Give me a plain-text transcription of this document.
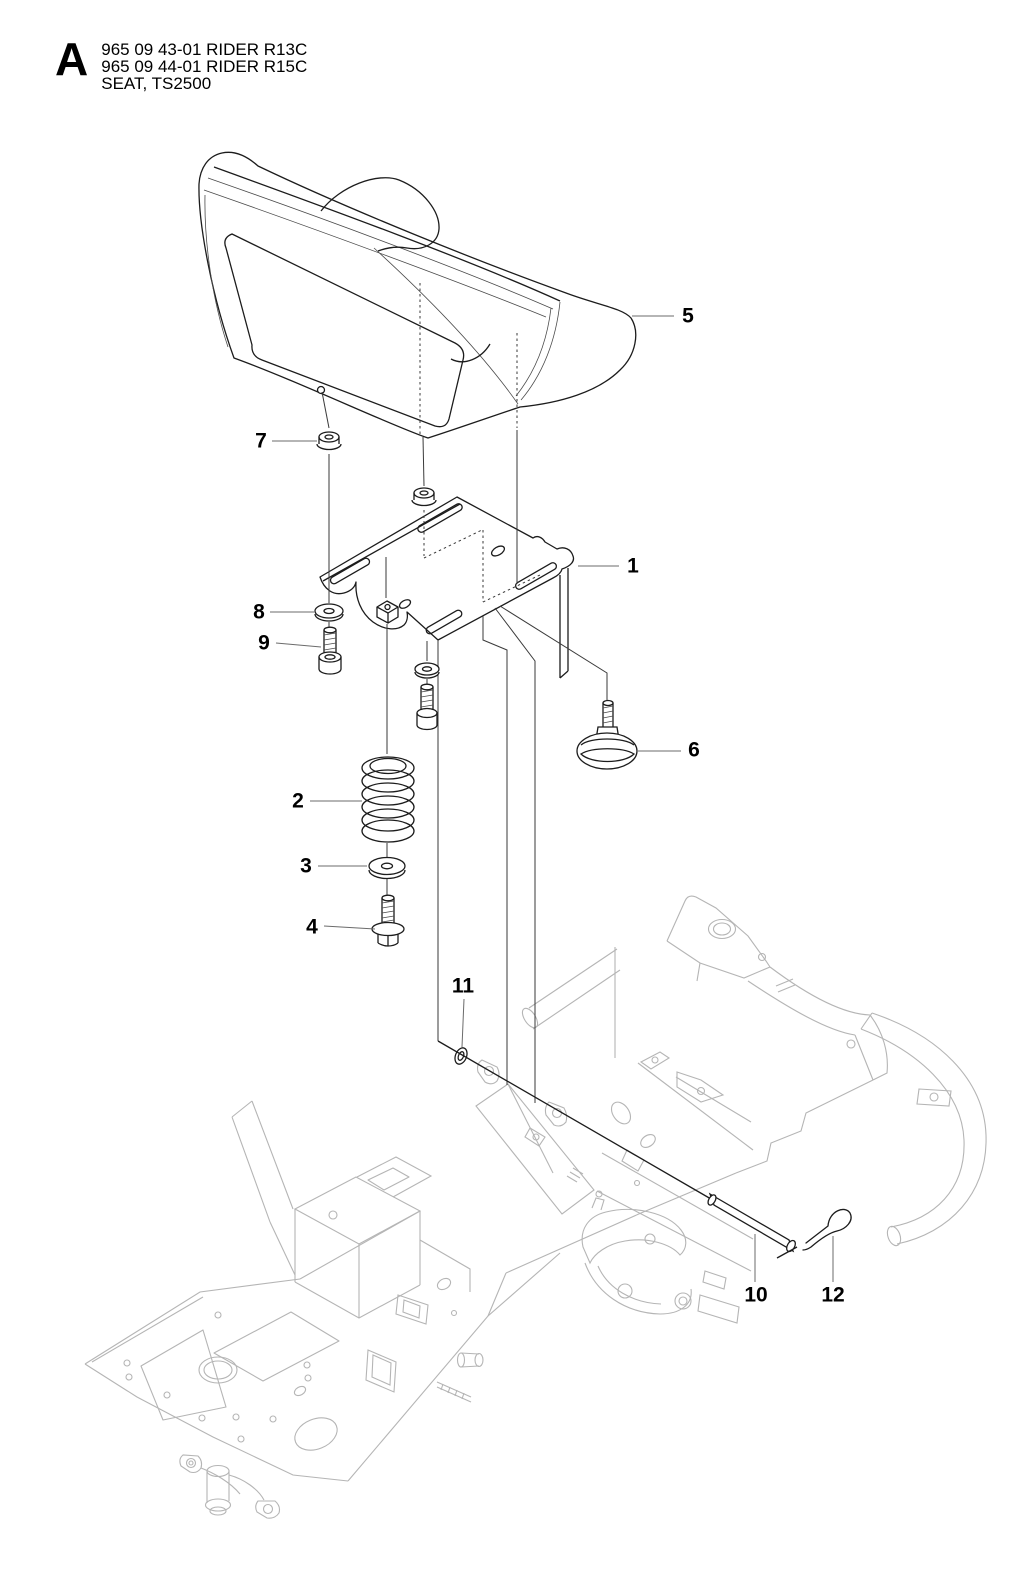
A 965 09 43-01 RIDER R13C
965 09 44-01 RIDER R15C
SEAT, TS2500
1
2
3
4
5
6
7
8
9
10
11
12
